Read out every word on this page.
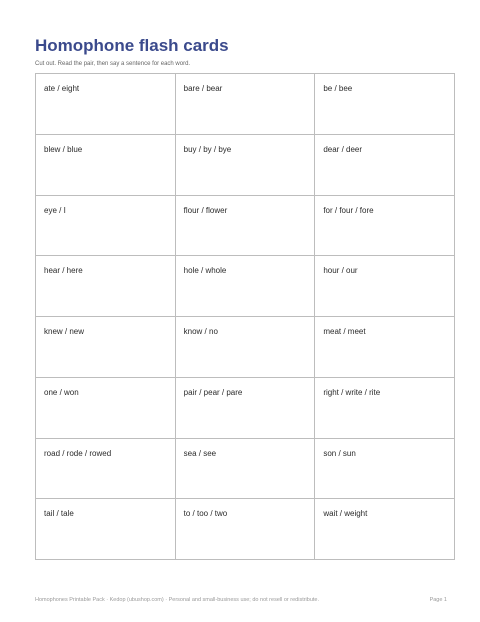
Homophone flash cards
Cut out. Read the pair, then say a sentence for each word.
ate / eight	bare / bear	be / bee
blew / blue	buy / by / bye	dear / deer
eye / I	flour / flower	for / four / fore
hear / here	hole / whole	hour / our
knew / new	know / no	meat / meet
one / won	pair / pear / pare	right / write / rite
road / rode / rowed	sea / see	son / sun
tail / tale	to / too / two	wait / weight
Homophones Printable Pack · Kedop (ubushop.com) · Personal and small-business use; do not resell or redistribute.	Page 1
